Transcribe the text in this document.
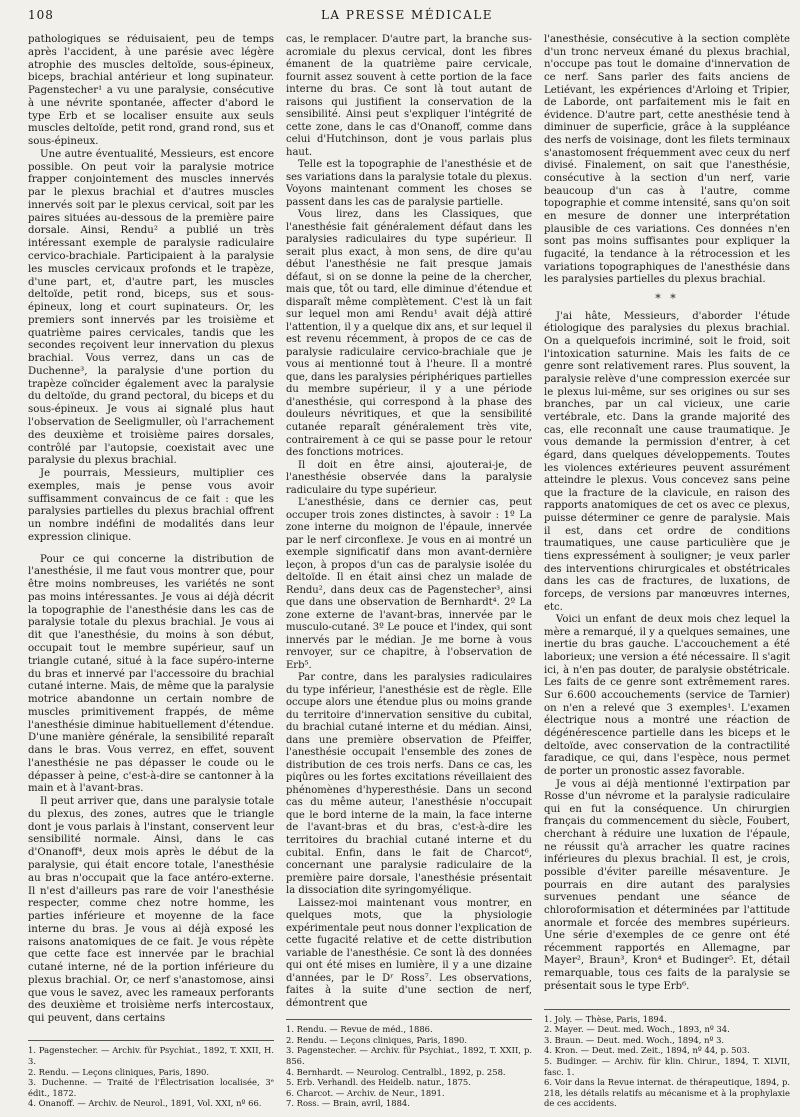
108	LA PRESSE MÉDICALE

pathologiques se réduisaient, peu de temps après l'accident, à une parésie avec légère atrophie des muscles deltoïde, sous-épineux, biceps, brachial antérieur et long supinateur. Pagenstecher¹ a vu une paralysie, consécutive à une névrite spontanée, affecter d'abord le type Erb et se localiser ensuite aux seuls muscles deltoïde, petit rond, grand rond, sus et sous-épineux.

Une autre éventualité, Messieurs, est encore possible. On peut voir la paralysie motrice frapper conjointement des muscles innervés par le plexus brachial et d'autres muscles innervés soit par le plexus cervical, soit par les paires situées au-dessous de la première paire dorsale. Ainsi, Rendu² a publié un très intéressant exemple de paralysie radiculaire cervico-brachiale. Participaient à la paralysie les muscles cervicaux profonds et le trapèze, d'une part, et, d'autre part, les muscles deltoïde, petit rond, biceps, sus et sous-épineux, long et court supinateurs. Or, les premiers sont innervés par les troisième et quatrième paires cervicales, tandis que les secondes reçoivent leur innervation du plexus brachial. Vous verrez, dans un cas de Duchenne³, la paralysie d'une portion du trapèze coïncider également avec la paralysie du deltoïde, du grand pectoral, du biceps et du sous-épineux. Je vous ai signalé plus haut l'observation de Seeligmuller, où l'arrachement des deuxième et troisième paires dorsales, contrôlé par l'autopsie, coexistait avec une paralysie du plexus brachial.

Je pourrais, Messieurs, multiplier ces exemples, mais je pense vous avoir suffisamment convaincus de ce fait : que les paralysies partielles du plexus brachial offrent un nombre indéfini de modalités dans leur expression clinique.

Pour ce qui concerne la distribution de l'anesthésie, il me faut vous montrer que, pour être moins nombreuses, les variétés ne sont pas moins intéressantes. Je vous ai déjà décrit la topographie de l'anesthésie dans les cas de paralysie totale du plexus brachial. Je vous ai dit que l'anesthésie, du moins à son début, occupait tout le membre supérieur, sauf un triangle cutané, situé à la face supéro-interne du bras et innervé par l'accessoire du brachial cutané interne. Mais, de même que la paralysie motrice abandonne un certain nombre de muscles primitivement frappés, de même l'anesthésie diminue habituellement d'étendue. D'une manière générale, la sensibilité reparaît dans le bras. Vous verrez, en effet, souvent l'anesthésie ne pas dépasser le coude ou le dépasser à peine, c'est-à-dire se cantonner à la main et à l'avant-bras.

Il peut arriver que, dans une paralysie totale du plexus, des zones, autres que le triangle dont je vous parlais à l'instant, conservent leur sensibilité normale. Ainsi, dans le cas d'Onanoff⁴, deux mois après le début de la paralysie, qui était encore totale, l'anesthésie au bras n'occupait que la face antéro-externe. Il n'est d'ailleurs pas rare de voir l'anesthésie respecter, comme chez notre homme, les parties inférieure et moyenne de la face interne du bras. Je vous ai déjà exposé les raisons anatomiques de ce fait. Je vous répète que cette face est innervée par le brachial cutané interne, né de la portion inférieure du plexus brachial. Or, ce nerf s'anastomose, ainsi que vous le savez, avec les rameaux perforants des deuxième et troisième nerfs intercostaux, qui peuvent, dans certains

1. Pagenstecher. — Archiv. für Psychiat., 1892, T. XXII, H. 3.
2. Rendu. — Leçons cliniques, Paris, 1890.
3. Duchenne. — Traité de l'Électrisation localisée, 3ᵉ édit., 1872.
4. Onanoff. — Archiv. de Neurol., 1891, Vol. XXI, nº 66.

cas, le remplacer. D'autre part, la branche sus-acromiale du plexus cervical, dont les fibres émanent de la quatrième paire cervicale, fournit assez souvent à cette portion de la face interne du bras. Ce sont là tout autant de raisons qui justifient la conservation de la sensibilité. Ainsi peut s'expliquer l'intégrité de cette zone, dans le cas d'Onanoff, comme dans celui d'Hutchinson, dont je vous parlais plus haut.

Telle est la topographie de l'anesthésie et de ses variations dans la paralysie totale du plexus. Voyons maintenant comment les choses se passent dans les cas de paralysie partielle.

Vous lirez, dans les Classiques, que l'anesthésie fait généralement défaut dans les paralysies radiculaires du type supérieur. Il serait plus exact, à mon sens, de dire qu'au début l'anesthésie ne fait presque jamais défaut, si on se donne la peine de la chercher, mais que, tôt ou tard, elle diminue d'étendue et disparaît même complètement. C'est là un fait sur lequel mon ami Rendu¹ avait déjà attiré l'attention, il y a quelque dix ans, et sur lequel il est revenu récemment, à propos de ce cas de paralysie radiculaire cervico-brachiale que je vous ai mentionné tout à l'heure. Il a montré que, dans les paralysies périphériques partielles du membre supérieur, il y a une période d'anesthésie, qui correspond à la phase des douleurs névritiques, et que la sensibilité cutanée reparaît généralement très vite, contrairement à ce qui se passe pour le retour des fonctions motrices.

Il doit en être ainsi, ajouterai-je, de l'anesthésie observée dans la paralysie radiculaire du type supérieur.

L'anesthésie, dans ce dernier cas, peut occuper trois zones distinctes, à savoir : 1º La zone interne du moignon de l'épaule, innervée par le nerf circonflexe. Je vous en ai montré un exemple significatif dans mon avant-dernière leçon, à propos d'un cas de paralysie isolée du deltoïde. Il en était ainsi chez un malade de Rendu², dans deux cas de Pagenstecher³, ainsi que dans une observation de Bernhardt⁴. 2º La zone externe de l'avant-bras, innervée par le musculo-cutané. 3º Le pouce et l'index, qui sont innervés par le médian. Je me borne à vous renvoyer, sur ce chapitre, à l'observation de Erb⁵.

Par contre, dans les paralysies radiculaires du type inférieur, l'anesthésie est de règle. Elle occupe alors une étendue plus ou moins grande du territoire d'innervation sensitive du cubital, du brachial cutané interne et du médian. Ainsi, dans une première observation de Pfeiffer, l'anesthésie occupait l'ensemble des zones de distribution de ces trois nerfs. Dans ce cas, les piqûres ou les fortes excitations réveillaient des phénomènes d'hyperesthésie. Dans un second cas du même auteur, l'anesthésie n'occupait que le bord interne de la main, la face interne de l'avant-bras et du bras, c'est-à-dire les territoires du brachial cutané interne et du cubital. Enfin, dans le fait de Charcot⁶, concernant une paralysie radiculaire de la première paire dorsale, l'anesthésie présentait la dissociation dite syringomyélique.

Laissez-moi maintenant vous montrer, en quelques mots, que la physiologie expérimentale peut nous donner l'explication de cette fugacité relative et de cette distribution variable de l'anesthésie. Ce sont là des données qui ont été mises en lumière, il y a une dizaine d'années, par le Dʳ Ross⁷. Les observations, faites à la suite d'une section de nerf, démontrent que

1. Rendu. — Revue de méd., 1886.
2. Rendu. — Leçons cliniques, Paris, 1890.
3. Pagenstecher. — Archiv. für Psychiat., 1892, T. XXII, p. 856.
4. Bernhardt. — Neurolog. Centralbl., 1892, p. 258.
5. Erb. Verhandl. des Heidelb. natur., 1875.
6. Charcot. — Archiv. de Neur., 1891.
7. Ross. — Brain, avril, 1884.

l'anesthésie, consécutive à la section complète d'un tronc nerveux émané du plexus brachial, n'occupe pas tout le domaine d'innervation de ce nerf. Sans parler des faits anciens de Letiévant, les expériences d'Arloing et Tripier, de Laborde, ont parfaitement mis le fait en évidence. D'autre part, cette anesthésie tend à diminuer de superficie, grâce à la suppléance des nerfs de voisinage, dont les filets terminaux s'anastomosent fréquemment avec ceux du nerf divisé. Finalement, on sait que l'anesthésie, consécutive à la section d'un nerf, varie beaucoup d'un cas à l'autre, comme topographie et comme intensité, sans qu'on soit en mesure de donner une interprétation plausible de ces variations. Ces données n'en sont pas moins suffisantes pour expliquer la fugacité, la tendance à la rétrocession et les variations topographiques de l'anesthésie dans les paralysies partielles du plexus brachial.

* *

J'ai hâte, Messieurs, d'aborder l'étude étiologique des paralysies du plexus brachial. On a quelquefois incriminé, soit le froid, soit l'intoxication saturnine. Mais les faits de ce genre sont relativement rares. Plus souvent, la paralysie relève d'une compression exercée sur le plexus lui-même, sur ses origines ou sur ses branches, par un cal vicieux, une carie vertébrale, etc. Dans la grande majorité des cas, elle reconnaît une cause traumatique. Je vous demande la permission d'entrer, à cet égard, dans quelques développements. Toutes les violences extérieures peuvent assurément atteindre le plexus. Vous concevez sans peine que la fracture de la clavicule, en raison des rapports anatomiques de cet os avec ce plexus, puisse déterminer ce genre de paralysie. Mais il est, dans cet ordre de conditions traumatiques, une cause particulière que je tiens expressément à souligner; je veux parler des interventions chirurgicales et obstétricales dans les cas de fractures, de luxations, de forceps, de versions par manœuvres internes, etc.

Voici un enfant de deux mois chez lequel la mère a remarqué, il y a quelques semaines, une inertie du bras gauche. L'accouchement a été laborieux; une version a été nécessaire. Il s'agit ici, à n'en pas douter, de paralysie obstétricale. Les faits de ce genre sont extrêmement rares. Sur 6.600 accouchements (service de Tarnier) on n'en a relevé que 3 exemples¹. L'examen électrique nous a montré une réaction de dégénérescence partielle dans les biceps et le deltoïde, avec conservation de la contractilité faradique, ce qui, dans l'espèce, nous permet de porter un pronostic assez favorable.

Je vous ai déjà mentionné l'extirpation par Rosse d'un névrome et la paralysie radiculaire qui en fut la conséquence. Un chirurgien français du commencement du siècle, Foubert, cherchant à réduire une luxation de l'épaule, ne réussit qu'à arracher les quatre racines inférieures du plexus brachial. Il est, je crois, possible d'éviter pareille mésaventure. Je pourrais en dire autant des paralysies survenues pendant une séance de chloroformisation et déterminées par l'attitude anormale et forcée des membres supérieurs. Une série d'exemples de ce genre ont été récemment rapportés en Allemagne, par Mayer², Braun³, Kron⁴ et Budinger⁵. Et, détail remarquable, tous ces faits de la paralysie se présentait sous le type Erb⁶.

1. Joly. — Thèse, Paris, 1894.
2. Mayer. — Deut. med. Woch., 1893, nº 34.
3. Braun. — Deut. med. Woch., 1894, nº 3.
4. Kron. — Deut. med. Zeit., 1894, nº 44, p. 503.
5. Budinger. — Archiv. für klin. Chirur., 1894, T. XLVII, fasc. 1.
6. Voir dans la Revue internat. de thérapeutique, 1894, p. 218, les détails relatifs au mécanisme et à la prophylaxie de ces accidents.
